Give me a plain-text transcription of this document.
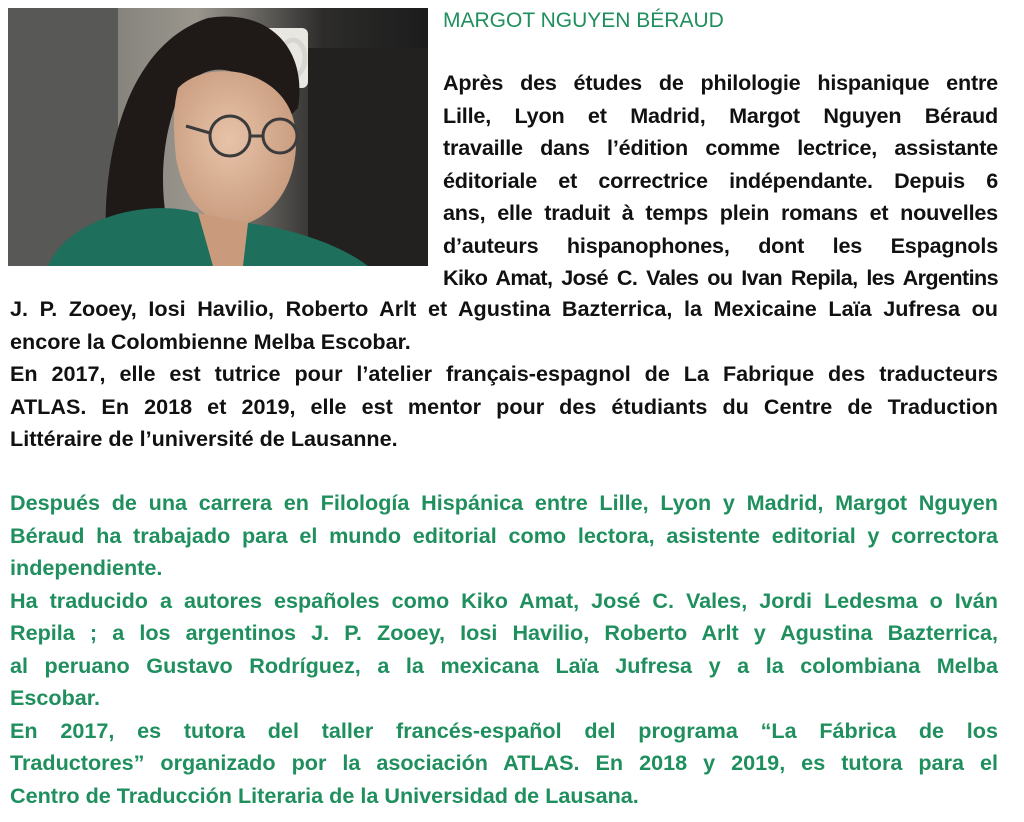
MARGOT NGUYEN BÉRAUD
Après des études de philologie hispanique entre
Lille, Lyon et Madrid, Margot Nguyen Béraud
travaille dans l’édition comme lectrice, assistante
éditoriale et correctrice indépendante. Depuis 6
ans, elle traduit à temps plein romans et nouvelles
d’auteurs hispanophones, dont les Espagnols
Kiko Amat, José C. Vales ou Ivan Repila, les Argentins
J. P. Zooey, Iosi Havilio, Roberto Arlt et Agustina Bazterrica, la Mexicaine Laïa Jufresa ou
encore la Colombienne Melba Escobar.
En 2017, elle est tutrice pour l’atelier français-espagnol de La Fabrique des traducteurs
ATLAS. En 2018 et 2019, elle est mentor pour des étudiants du Centre de Traduction
Littéraire de l’université de Lausanne.
Después de una carrera en Filología Hispánica entre Lille, Lyon y Madrid, Margot Nguyen
Béraud ha trabajado para el mundo editorial como lectora, asistente editorial y correctora
independiente.
Ha traducido a autores españoles como Kiko Amat, José C. Vales, Jordi Ledesma o Iván
Repila ; a los argentinos J. P. Zooey, Iosi Havilio, Roberto Arlt y Agustina Bazterrica,
al peruano Gustavo Rodríguez, a la mexicana Laïa Jufresa y a la colombiana Melba
Escobar.
En 2017, es tutora del taller francés-español del programa “La Fábrica de los
Traductores” organizado por la asociación ATLAS. En 2018 y 2019, es tutora para el
Centro de Traducción Literaria de la Universidad de Lausana.
